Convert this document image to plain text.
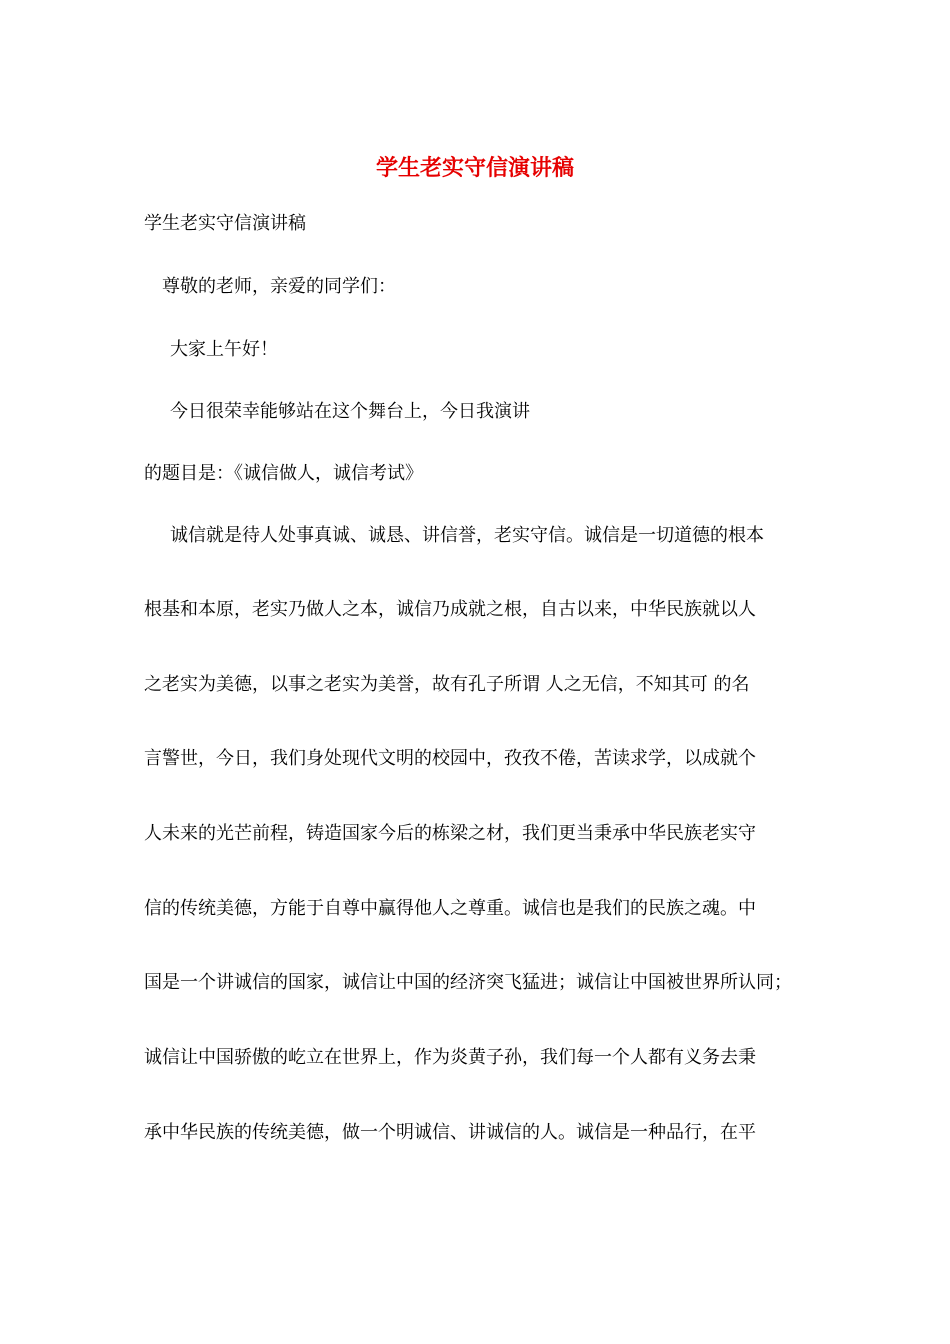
学生老实守信演讲稿
学生老实守信演讲稿
尊敬的老师，亲爱的同学们：
大家上午好！
今日很荣幸能够站在这个舞台上，今日我演讲
的题目是：《诚信做人，诚信考试》
诚信就是待人处事真诚、诚恳、讲信誉，老实守信。诚信是一切道德的根本
根基和本原，老实乃做人之本，诚信乃成就之根，自古以来，中华民族就以人
之老实为美德，以事之老实为美誉，故有孔子所谓 人之无信，不知其可 的名
言警世，今日，我们身处现代文明的校园中，孜孜不倦，苦读求学，以成就个
人未来的光芒前程，铸造国家今后的栋梁之材，我们更当秉承中华民族老实守
信的传统美德，方能于自尊中赢得他人之尊重。诚信也是我们的民族之魂。中
国是一个讲诚信的国家，诚信让中国的经济突飞猛进；诚信让中国被世界所认同；
诚信让中国骄傲的屹立在世界上，作为炎黄子孙，我们每一个人都有义务去秉
承中华民族的传统美德，做一个明诚信、讲诚信的人。诚信是一种品行，在平
